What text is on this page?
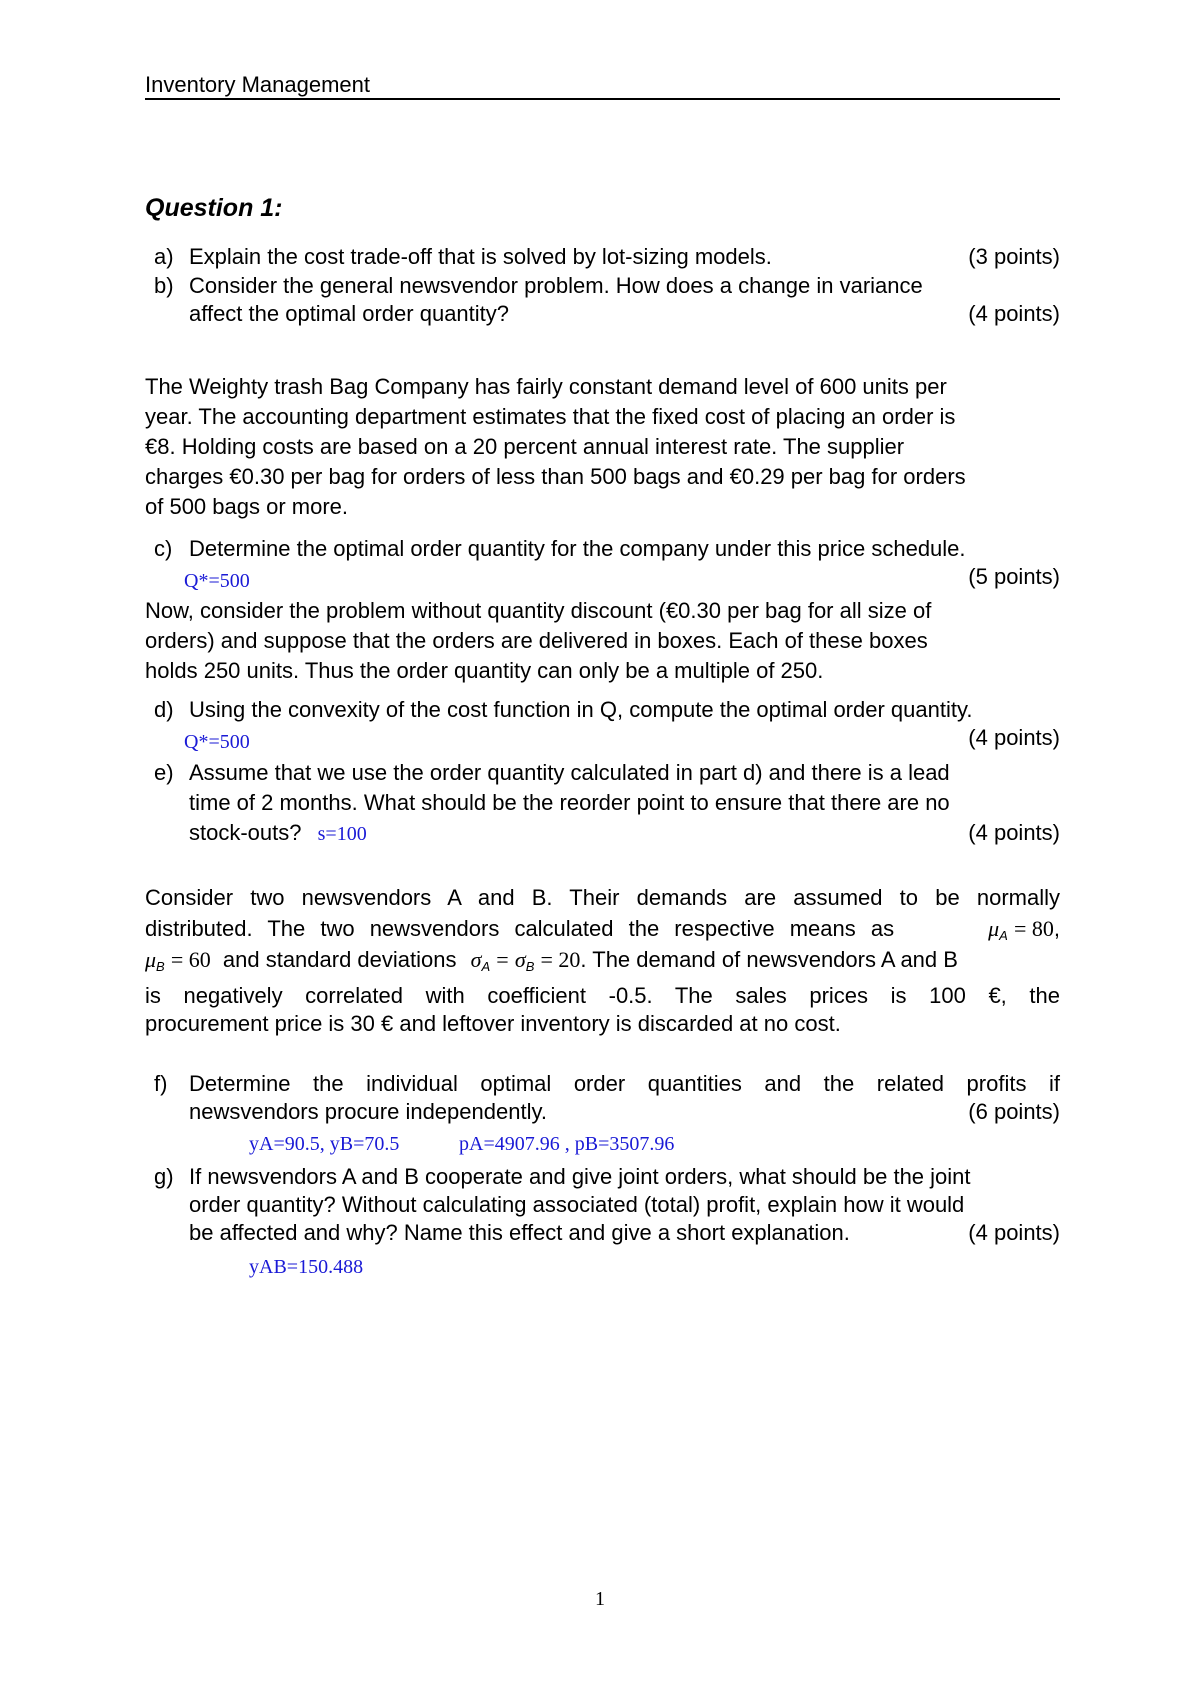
Inventory Management
Question 1:
a) Explain the cost trade-off that is solved by lot-sizing models.	(3 points)
b) Consider the general newsvendor problem. How does a change in variance
affect the optimal order quantity?	(4 points)
The Weighty trash Bag Company has fairly constant demand level of 600 units per
year. The accounting department estimates that the fixed cost of placing an order is
€8. Holding costs are based on a 20 percent annual interest rate. The supplier
charges €0.30 per bag for orders of less than 500 bags and €0.29 per bag for orders
of 500 bags or more.
c) Determine the optimal order quantity for the company under this price schedule.
Q*=500	(5 points)
Now, consider the problem without quantity discount (€0.30 per bag for all size of
orders) and suppose that the orders are delivered in boxes. Each of these boxes
holds 250 units. Thus the order quantity can only be a multiple of 250.
d) Using the convexity of the cost function in Q, compute the optimal order quantity.
Q*=500	(4 points)
e) Assume that we use the order quantity calculated in part d) and there is a lead
time of 2 months. What should be the reorder point to ensure that there are no
stock-outs? s=100	(4 points)
Consider two newsvendors A and B. Their demands are assumed to be normally
distributed. The two newsvendors calculated the respective means as	$\mu_A = 80$,
$\mu_B = 60$ and standard deviations $\sigma_A = \sigma_B = 20$. The demand of newsvendors A and B
is negatively correlated with coefficient -0.5. The sales prices is 100 €, the
procurement price is 30 € and leftover inventory is discarded at no cost.
f) Determine the individual optimal order quantities and the related profits if
newsvendors procure independently.	(6 points)
yA=90.5, yB=70.5	pA=4907.96 , pB=3507.96
g) If newsvendors A and B cooperate and give joint orders, what should be the joint
order quantity? Without calculating associated (total) profit, explain how it would
be affected and why? Name this effect and give a short explanation.	(4 points)
yAB=150.488
1
